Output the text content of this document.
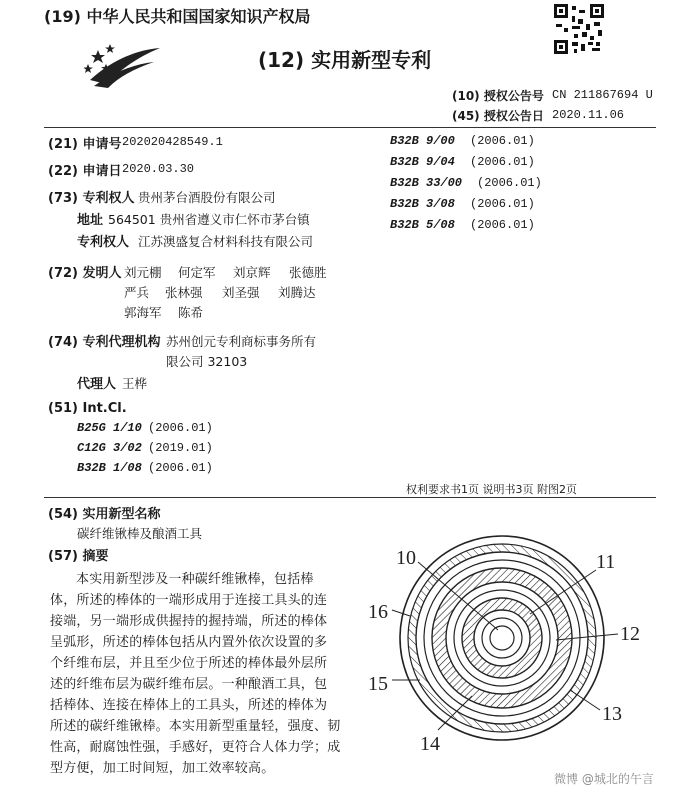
(19) 中华人民共和国国家知识产权局
(12) 实用新型专利
(10) 授权公告号 CN 211867694 U
(45) 授权公告日 2020.11.06
(21) 申请号 202020428549.1
(22) 申请日 2020.03.30
(73) 专利权人 贵州茅台酒股份有限公司
地址 564501 贵州省遵义市仁怀市茅台镇
专利权人 江苏澳盛复合材料科技有限公司
(72) 发明人 刘元棚 何定军 刘京辉 张德胜
严兵 张林强 刘圣强 刘腾达
郭海军 陈希
(74) 专利代理机构 苏州创元专利商标事务所有
限公司 32103
代理人 王桦
(51) Int.Cl.
B25G 1/10 (2006.01)
C12G 3/02 (2019.01)
B32B 1/08 (2006.01)
B32B 9/00 (2006.01)
B32B 9/04 (2006.01)
B32B 33/00 (2006.01)
B32B 3/08 (2006.01)
B32B 5/08 (2006.01)
权利要求书1页 说明书3页 附图2页
(54) 实用新型名称
碳纤维锹棒及酿酒工具
(57) 摘要
本实用新型涉及一种碳纤维锹棒，包括棒
体，所述的棒体的一端形成用于连接工具头的连
接端，另一端形成供握持的握持端，所述的棒体
呈弧形，所述的棒体包括从内置外依次设置的多
个纤维布层，并且至少位于所述的棒体最外层所
述的纤维布层为碳纤维布层。一种酿酒工具，包
括棒体、连接在棒体上的工具头，所述的棒体为
所述的碳纤维锹棒。本实用新型重量轻，强度、韧
性高，耐腐蚀性强，手感好，更符合人体力学；成
型方便，加工时间短，加工效率较高。
10	11
12
13
14
15
16
微博 @城北的午言
